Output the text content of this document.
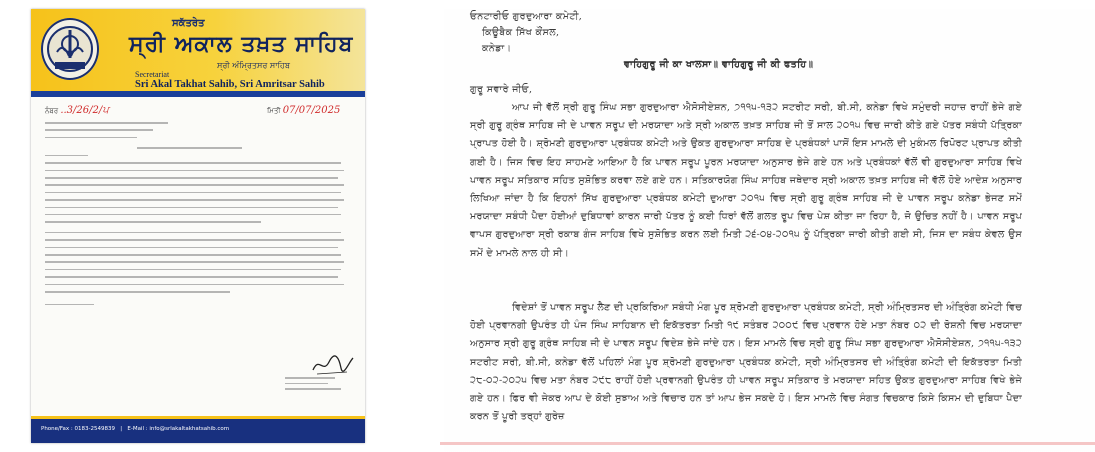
ਸਕੱਤਰੇਤ
ਸ੍ਰੀ ਅਕਾਲ ਤਖ਼ਤ ਸਾਹਿਬ
ਸ੍ਰੀ ਅੰਮ੍ਰਿਤਸਰ ਸਾਹਿਬ
Secretariat
Sri Akal Takhat Sahib, Sri Amritsar Sahib
ਨੰਬਰ ..3/26/2/ਪ	ਮਿਤੀ 07/07/2025
Phone/Fax : 0183-2549839   |   E-Mail : info@srlakaltakhatsahib.com
ਓਨਟਾਰੀਓ ਗੁਰਦੁਆਰਾ ਕਮੇਟੀ,
ਕਿਊਬੈਕ ਸਿੱਖ ਕੌਂਸਲ,
ਕਨੇਡਾ।
ਵਾਹਿਗੁਰੂ ਜੀ ਕਾ ਖਾਲਸਾ॥ ਵਾਹਿਗੁਰੂ ਜੀ ਕੀ ਫਤਹਿ॥
ਗੁਰੂ ਸਵਾਰੇ ਜੀਓ,
ਆਪ ਜੀ ਵੱਲੋਂ ਸ੍ਰੀ ਗੁਰੂ ਸਿੰਘ ਸਭਾ ਗੁਰਦੁਆਰਾ ਐਸੋਸੀਏਸ਼ਨ, ੭੧੧੫-੧੩੨ ਸਟਰੀਟ ਸਰੀ, ਬੀ.ਸੀ, ਕਨੇਡਾ ਵਿਖੇ ਸਮੁੰਦਰੀ ਜਹਾਜ਼ ਰਾਹੀਂ ਭੇਜੇ ਗਏ ਸ੍ਰੀ ਗੁਰੂ ਗ੍ਰੰਥ ਸਾਹਿਬ ਜੀ ਦੇ ਪਾਵਨ ਸਰੂਪ ਦੀ ਮਰਯਾਦਾ ਅਤੇ ਸ੍ਰੀ ਅਕਾਲ ਤਖ਼ਤ ਸਾਹਿਬ ਜੀ ਤੋਂ ਸਾਲ ੨੦੧੫ ਵਿਚ ਜਾਰੀ ਕੀਤੇ ਗਏ ਪੱਤਰ ਸਬੰਧੀ ਪੱਤ੍ਰਿਕਾ ਪ੍ਰਾਪਤ ਹੋਈ ਹੈ। ਸ਼੍ਰੋਮਣੀ ਗੁਰਦੁਆਰਾ ਪ੍ਰਬੰਧਕ ਕਮੇਟੀ ਅਤੇ ਉਕਤ ਗੁਰਦੁਆਰਾ ਸਾਹਿਬ ਦੇ ਪ੍ਰਬੰਧਕਾਂ ਪਾਸੋਂ ਇਸ ਮਾਮਲੇ ਦੀ ਮੁਕੰਮਲ ਰਿਪੋਰਟ ਪ੍ਰਾਪਤ ਕੀਤੀ ਗਈ ਹੈ। ਜਿਸ ਵਿਚ ਇਹ ਸਾਹਮਣੇ ਆਇਆ ਹੈ ਕਿ ਪਾਵਨ ਸਰੂਪ ਪੂਰਨ ਮਰਯਾਦਾ ਅਨੁਸਾਰ ਭੇਜੇ ਗਏ ਹਨ ਅਤੇ ਪ੍ਰਬੰਧਕਾਂ ਵੱਲੋਂ ਵੀ ਗੁਰਦੁਆਰਾ ਸਾਹਿਬ ਵਿਖੇ ਪਾਵਨ ਸਰੂਪ ਸਤਿਕਾਰ ਸਹਿਤ ਸੁਸ਼ੋਭਿਤ ਕਰਵਾ ਲਏ ਗਏ ਹਨ। ਸਤਿਕਾਰਯੋਗ ਸਿੰਘ ਸਾਹਿਬ ਜਥੇਦਾਰ ਸ੍ਰੀ ਅਕਾਲ ਤਖ਼ਤ ਸਾਹਿਬ ਜੀ ਵੱਲੋਂ ਹੋਏ ਆਦੇਸ਼ ਅਨੁਸਾਰ ਲਿਖਿਆ ਜਾਂਦਾ ਹੈ ਕਿ ਇਹਨਾਂ ਸਿੱਖ ਗੁਰਦੁਆਰਾ ਪ੍ਰਬੰਧਕ ਕਮੇਟੀ ਦੁਆਰਾ ੨੦੧੫ ਵਿਚ ਸ੍ਰੀ ਗੁਰੂ ਗ੍ਰੰਥ ਸਾਹਿਬ ਜੀ ਦੇ ਪਾਵਨ ਸਰੂਪ ਕਨੇਡਾ ਭੇਜਣ ਸਮੇਂ ਮਰਯਾਦਾ ਸਬੰਧੀ ਪੈਦਾ ਹੋਈਆਂ ਦੁਬਿਧਾਵਾਂ ਕਾਰਨ ਜਾਰੀ ਪੱਤਰ ਨੂੰ ਕਈ ਧਿਰਾਂ ਵੱਲੋਂ ਗਲਤ ਰੂਪ ਵਿਚ ਪੇਸ਼ ਕੀਤਾ ਜਾ ਰਿਹਾ ਹੈ, ਜੋ ਉਚਿਤ ਨਹੀਂ ਹੈ। ਪਾਵਨ ਸਰੂਪ ਵਾਪਸ ਗੁਰਦੁਆਰਾ ਸ੍ਰੀ ਰਕਾਬ ਗੰਜ ਸਾਹਿਬ ਵਿਖੇ ਸੁਸ਼ੋਭਿਤ ਕਰਨ ਲਈ ਮਿਤੀ ੨੬-੦੪-੨੦੧੫ ਨੂੰ ਪੱਤ੍ਰਿਕਾ ਜਾਰੀ ਕੀਤੀ ਗਈ ਸੀ, ਜਿਸ ਦਾ ਸਬੰਧ ਕੇਵਲ ਉਸ ਸਮੇਂ ਦੇ ਮਾਮਲੇ ਨਾਲ ਹੀ ਸੀ।
ਵਿਦੇਸ਼ਾਂ ਤੋਂ ਪਾਵਨ ਸਰੂਪ ਲੈਣ ਦੀ ਪ੍ਰਕਿਰਿਆ ਸਬੰਧੀ ਮੰਗ ਪੂਰ ਸ਼੍ਰੋਮਣੀ ਗੁਰਦੁਆਰਾ ਪ੍ਰਬੰਧਕ ਕਮੇਟੀ, ਸ੍ਰੀ ਅੰਮ੍ਰਿਤਸਰ ਦੀ ਅੰਤ੍ਰਿੰਗ ਕਮੇਟੀ ਵਿਚ ਹੋਈ ਪ੍ਰਵਾਨਗੀ ਉਪਰੰਤ ਹੀ ਪੰਜ ਸਿੰਘ ਸਾਹਿਬਾਨ ਦੀ ਇਕੱਤਰਤਾ ਮਿਤੀ ੧੯ ਸਤੰਬਰ ੨੦੦੯ ਵਿਚ ਪ੍ਰਵਾਨ ਹੋਏ ਮਤਾ ਨੰਬਰ ੦੨ ਦੀ ਰੋਸ਼ਨੀ ਵਿਚ ਮਰਯਾਦਾ ਅਨੁਸਾਰ ਸ੍ਰੀ ਗੁਰੂ ਗ੍ਰੰਥ ਸਾਹਿਬ ਜੀ ਦੇ ਪਾਵਨ ਸਰੂਪ ਵਿਦੇਸ਼ ਭੇਜੇ ਜਾਂਦੇ ਹਨ। ਇਸ ਮਾਮਲੇ ਵਿਚ ਸ੍ਰੀ ਗੁਰੂ ਸਿੰਘ ਸਭਾ ਗੁਰਦੁਆਰਾ ਐਸੋਸੀਏਸ਼ਨ, ੭੧੧੫-੧੩੨ ਸਟਰੀਟ ਸਰੀ, ਬੀ.ਸੀ, ਕਨੇਡਾ ਵੱਲੋਂ ਪਹਿਲਾਂ ਮੰਗ ਪੂਰ ਸ਼੍ਰੋਮਣੀ ਗੁਰਦੁਆਰਾ ਪ੍ਰਬੰਧਕ ਕਮੇਟੀ, ਸ੍ਰੀ ਅੰਮ੍ਰਿਤਸਰ ਦੀ ਅੰਤ੍ਰਿੰਗ ਕਮੇਟੀ ਦੀ ਇਕੱਤਰਤਾ ਮਿਤੀ ੨੮-੦੨-੨੦੨੫ ਵਿਚ ਮਤਾ ਨੰਬਰ ੨੯੮ ਰਾਹੀਂ ਹੋਈ ਪ੍ਰਵਾਨਗੀ ਉਪਰੰਤ ਹੀ ਪਾਵਨ ਸਰੂਪ ਸਤਿਕਾਰ ਤੇ ਮਰਯਾਦਾ ਸਹਿਤ ਉਕਤ ਗੁਰਦੁਆਰਾ ਸਾਹਿਬ ਵਿਖੇ ਭੇਜੇ ਗਏ ਹਨ। ਫਿਰ ਵੀ ਜੇਕਰ ਆਪ ਦੇ ਕੋਈ ਸੁਝਾਅ ਅਤੇ ਵਿਚਾਰ ਹਨ ਤਾਂ ਆਪ ਭੇਜ ਸਕਦੇ ਹੋ। ਇਸ ਮਾਮਲੇ ਵਿਚ ਸੰਗਤ ਵਿਚਕਾਰ ਕਿਸੇ ਕਿਸਮ ਦੀ ਦੁਬਿਧਾ ਪੈਦਾ ਕਰਨ ਤੋਂ ਪੂਰੀ ਤਰ੍ਹਾਂ ਗੁਰੇਜ਼
